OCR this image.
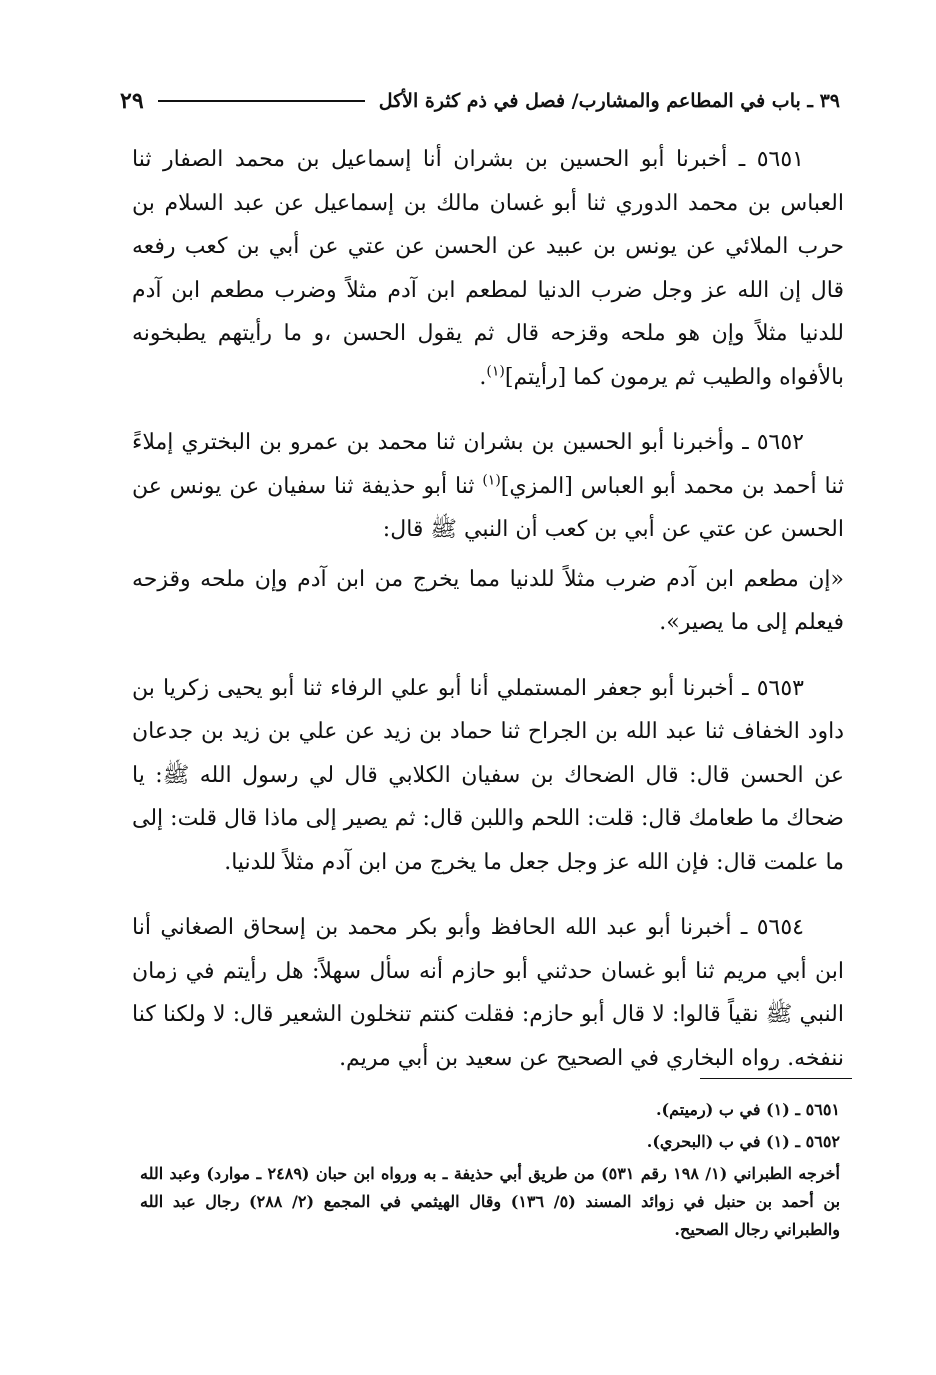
٣٩ ـ باب في المطاعم والمشارب/ فصل في ذم كثرة الأكل
٢٩

٥٦٥١ ـ أخبرنا أبو الحسين بن بشران أنا إسماعيل بن محمد الصفار ثنا العباس بن محمد الدوري ثنا أبو غسان مالك بن إسماعيل عن عبد السلام بن حرب الملائي عن يونس بن عبيد عن الحسن عن عتي عن أبي بن كعب رفعه قال إن الله عز وجل ضرب الدنيا لمطعم ابن آدم مثلاً وضرب مطعم ابن آدم للدنيا مثلاً وإن هو ملحه وقزحه قال ثم يقول الحسن ،و ما رأيتهم يطبخونه بالأفواه والطيب ثم يرمون كما [رأيتم]$^{(١)}$.

٥٦٥٢ ـ وأخبرنا أبو الحسين بن بشران ثنا محمد بن عمرو بن البختري إملاءً ثنا أحمد بن محمد أبو العباس [المزي]$^{(١)}$ ثنا أبو حذيفة ثنا سفيان عن يونس عن الحسن عن عتي عن أبي بن كعب أن النبي ﷺ قال:

«إن مطعم ابن آدم ضرب مثلاً للدنيا مما يخرج من ابن آدم وإن ملحه وقزحه فيعلم إلى ما يصير».

٥٦٥٣ ـ أخبرنا أبو جعفر المستملي أنا أبو علي الرفاء ثنا أبو يحيى زكريا بن داود الخفاف ثنا عبد الله بن الجراح ثنا حماد بن زيد عن علي بن زيد بن جدعان عن الحسن قال: قال الضحاك بن سفيان الكلابي قال لي رسول الله ﷺ: يا ضحاك ما طعامك قال: قلت: اللحم واللبن قال: ثم يصير إلى ماذا قال قلت: إلى ما علمت قال: فإن الله عز وجل جعل ما يخرج من ابن آدم مثلاً للدنيا.

٥٦٥٤ ـ أخبرنا أبو عبد الله الحافظ وأبو بكر محمد بن إسحاق الصغاني أنا ابن أبي مريم ثنا أبو غسان حدثني أبو حازم أنه سأل سهلاً: هل رأيتم في زمان النبي ﷺ نقياً قالوا: لا قال أبو حازم: فقلت كنتم تنخلون الشعير قال: لا ولكنا كنا ننفخه. رواه البخاري في الصحيح عن سعيد بن أبي مريم.

٥٦٥١ ـ (١) في ب (رميتم).

٥٦٥٢ ـ (١) في ب (البحري).

أخرجه الطبراني (١/ ١٩٨ رقم ٥٣١) من طريق أبي حذيفة ـ به ورواه ابن حبان (٢٤٨٩ ـ موارد) وعبد الله بن أحمد بن حنبل في زوائد المسند (٥/ ١٣٦) وقال الهيثمي في المجمع (٢/ ٢٨٨) رجال عبد الله والطبراني رجال الصحيح.
